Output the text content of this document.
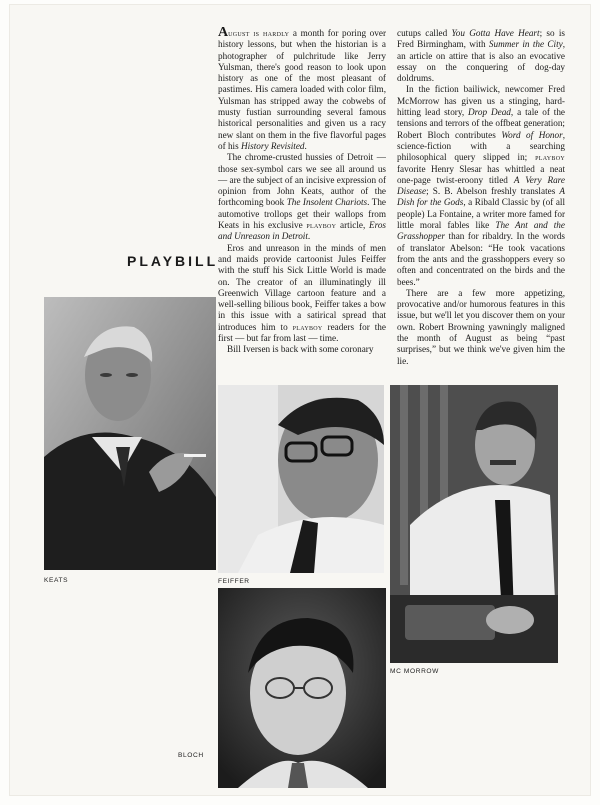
August is hardly a month for poring over history lessons, but when the historian is a photographer of pulchritude like Jerry Yulsman, there's good reason to look upon history as one of the most pleasant of pastimes. His camera loaded with color film, Yulsman has stripped away the cobwebs of musty fustian surrounding several famous historical personalities and given us a racy new slant on them in the five flavorful pages of his History Revisited.

The chrome-crusted hussies of Detroit — those sex-symbol cars we see all around us — are the subject of an incisive expression of opinion from John Keats, author of the forthcoming book The Insolent Chariots. The automotive trollops get their wallops from Keats in his exclusive playboy article, Eros and Unreason in Detroit.

Eros and unreason in the minds of men and maids provide cartoonist Jules Feiffer with the stuff his Sick Little World is made on. The creator of an illuminatingly ill Greenwich Village cartoon feature and a well-selling bilious book, Feiffer takes a bow in this issue with a satirical spread that introduces him to playboy readers for the first — but far from last — time.

Bill Iversen is back with some coronary

cutups called You Gotta Have Heart; so is Fred Birmingham, with Summer in the City, an article on attire that is also an evocative essay on the conquering of dog-day doldrums.

In the fiction bailiwick, newcomer Fred McMorrow has given us a stinging, hard-hitting lead story, Drop Dead, a tale of the tensions and terrors of the offbeat generation; Robert Bloch contributes Word of Honor, science-fiction with a searching philosophical query slipped in; playboy favorite Henry Slesar has whittled a neat one-page twist-eroony titled A Very Rare Disease; S. B. Abelson freshly translates A Dish for the Gods, a Ribald Classic by (of all people) La Fontaine, a writer more famed for little moral fables like The Ant and the Grasshopper than for ribaldry. In the words of translator Abelson: “He took vacations from the ants and the grasshoppers every so often and concentrated on the birds and the bees.”

There are a few more appetizing, provocative and/or humorous features in this issue, but we'll let you discover them on your own. Robert Browning yawningly maligned the month of August as being “past surprises,” but we think we've given him the lie.

PLAYBILL
KEATS	FEIFFER
MC MORROW
BLOCH
